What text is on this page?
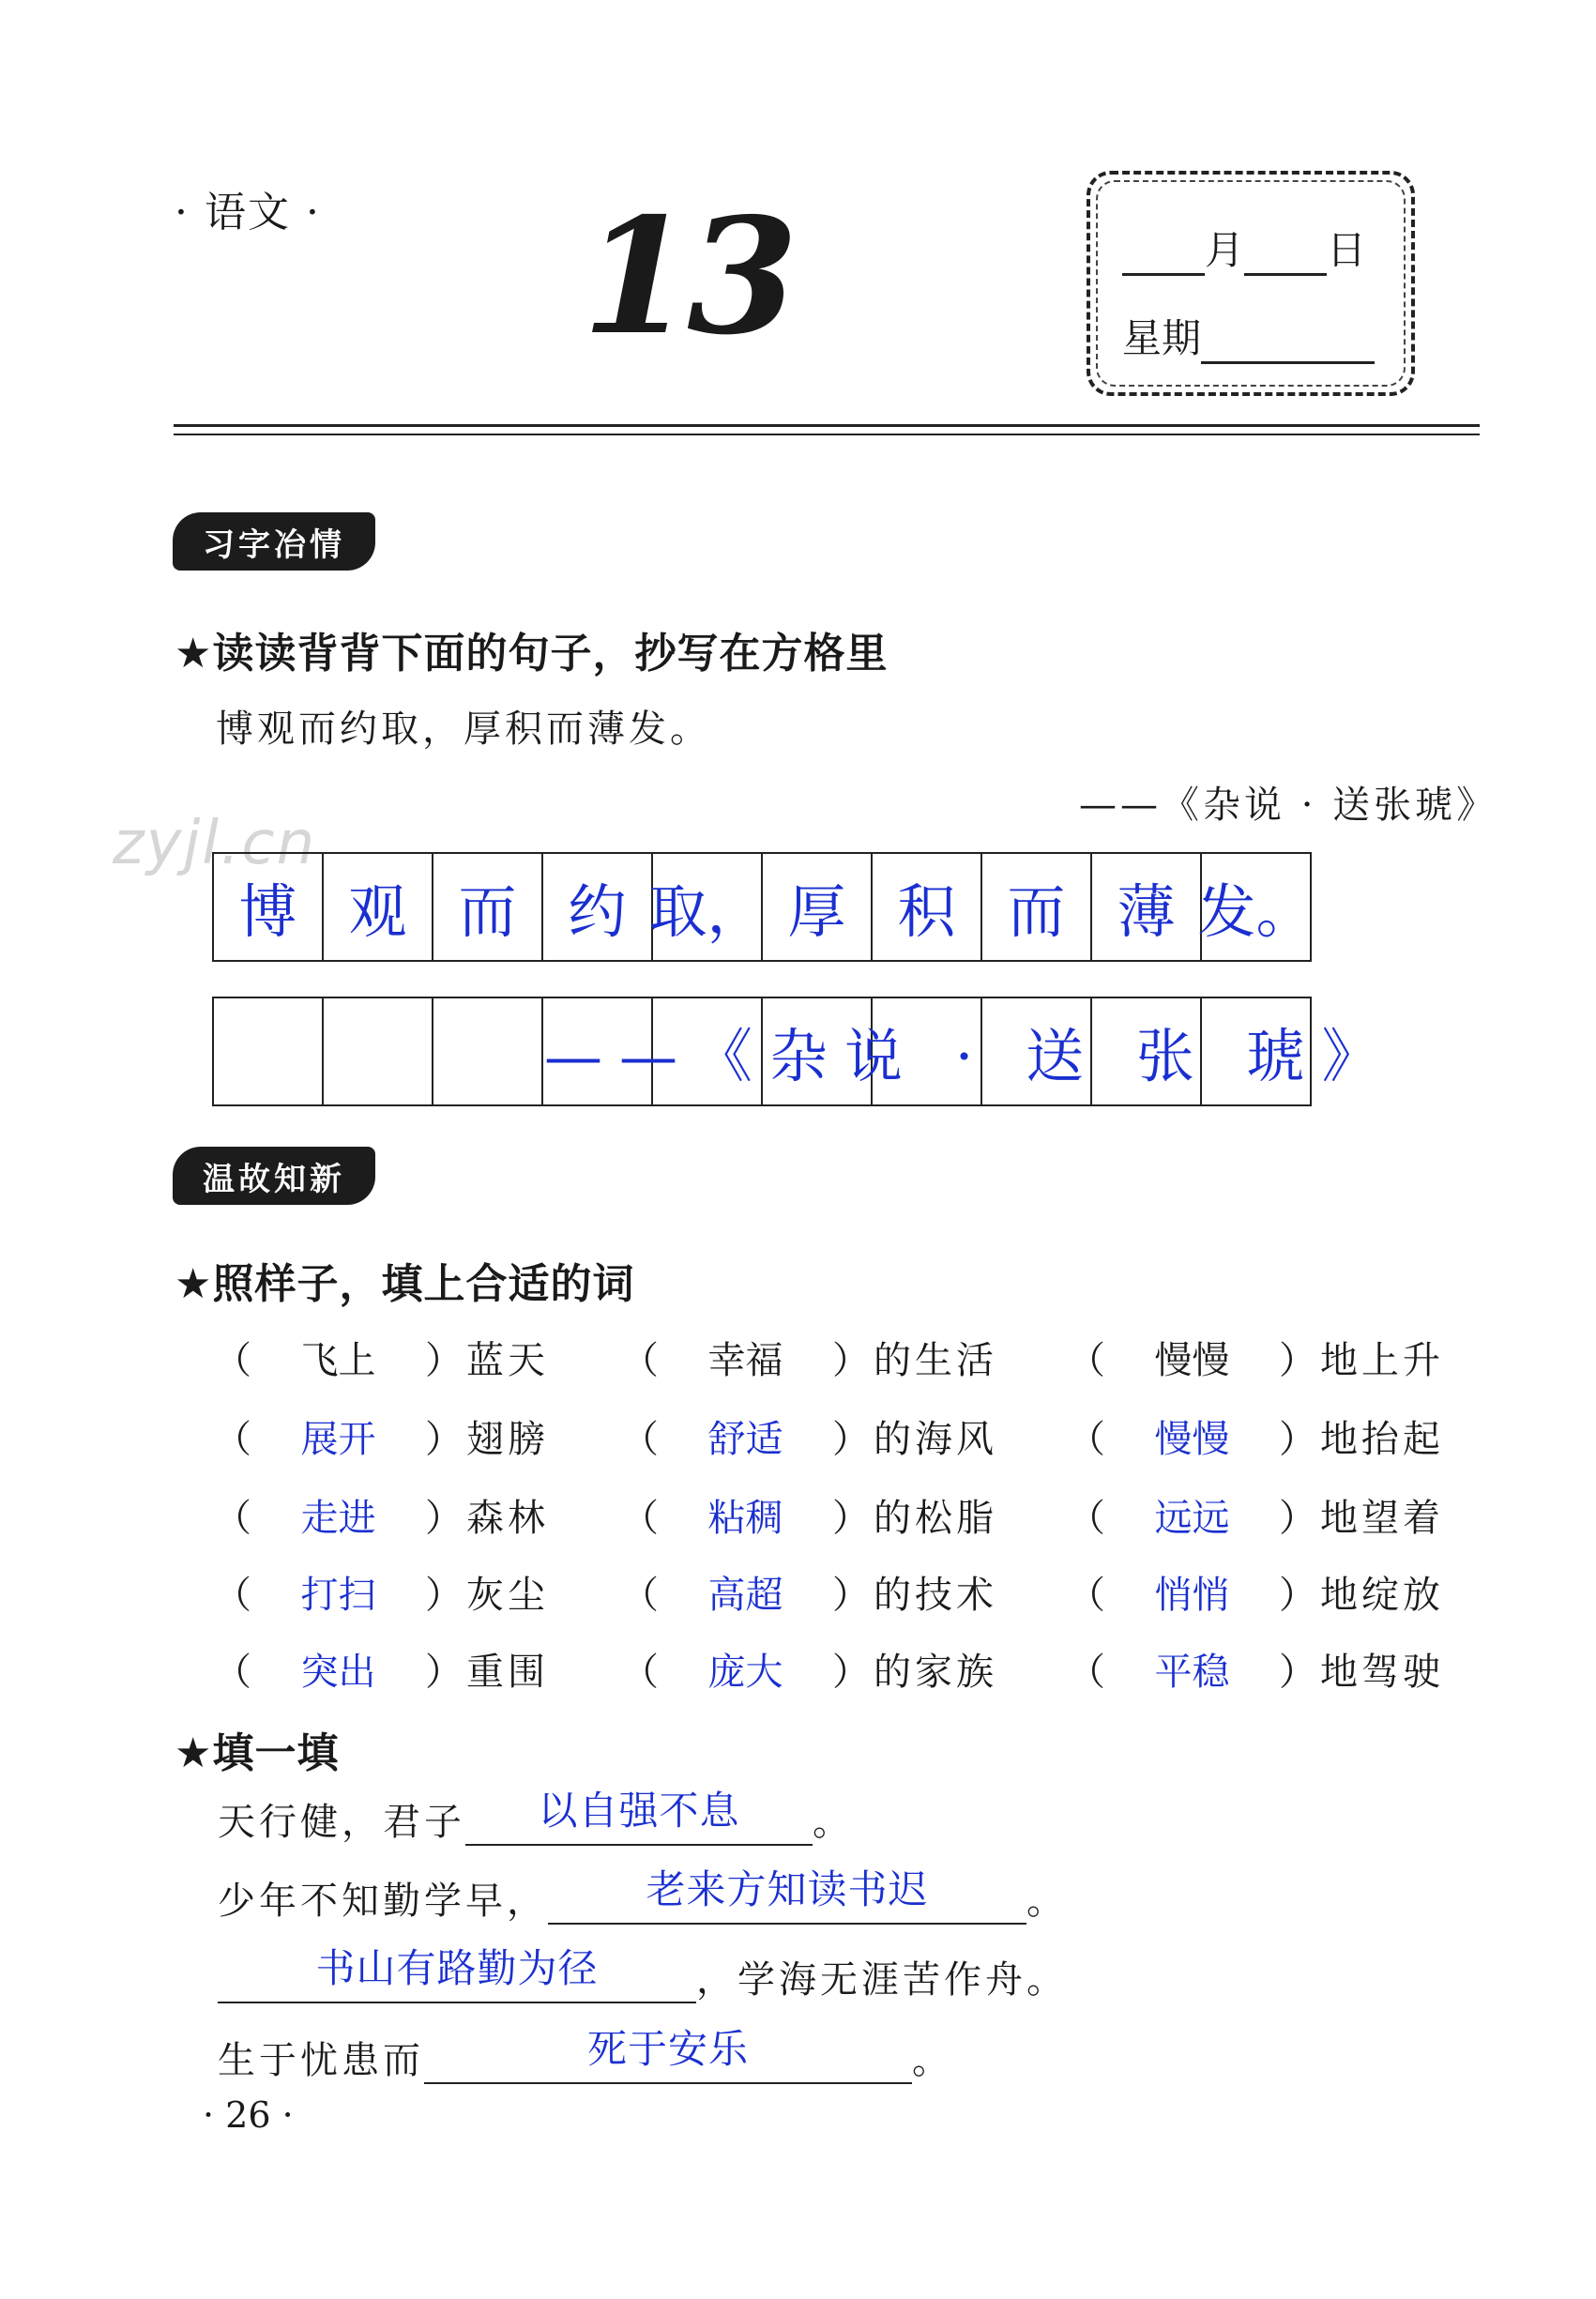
· 语文 · 13	月 日
星期
习字冶情
★读读背背下面的句子，抄写在方格里
博观而约取，厚积而薄发。
——《杂说 · 送张琥》
zyjl.cn
博 观 而 约 取， 厚 积 而 薄 发。
——《杂说 · 送 张 琥》
温故知新
★照样子，填上合适的词
（	飞上	）蓝天 （	幸福	）的生活 （	慢慢	）地上升
（	展开	）翅膀 （	舒适	）的海风 （	慢慢	）地抬起
（	走进	）森林 （	粘稠	）的松脂 （	远远	）地望着
（	打扫	）灰尘 （	高超	）的技术 （	悄悄	）地绽放
（	突出	）重围 （	庞大	）的家族 （	平稳	）地驾驶
★填一填
天行健，君子	以自强不息	。
少年不知勤学早，	老来方知读书迟	。
书山有路勤为径	，学海无涯苦作舟。
生于忧患而	死于安乐	。
· 26 ·
